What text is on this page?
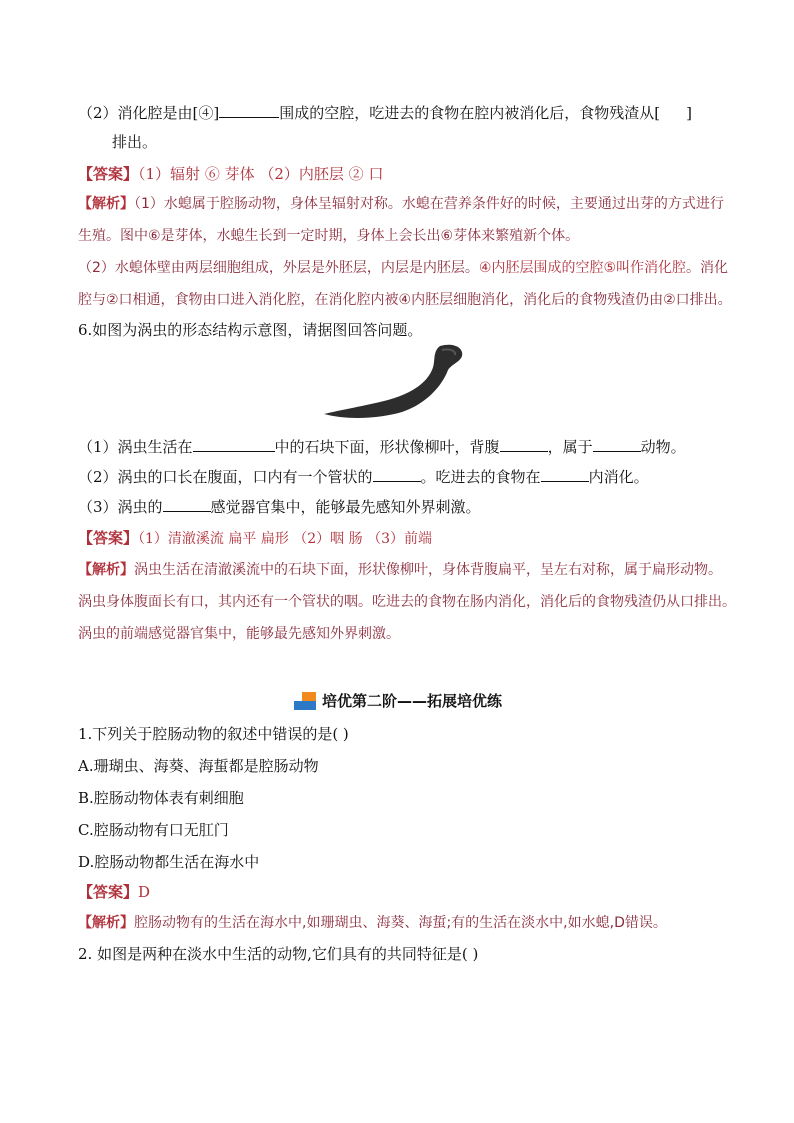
（2）消化腔是由[④]	围成的空腔，吃进去的食物在腔内被消化后，食物残渣从[ ]
排出。
【答案】（1）辐射 ⑥ 芽体 （2）内胚层 ② 口
【解析】（1）水螅属于腔肠动物，身体呈辐射对称。水螅在营养条件好的时候，主要通过出芽的方式进行
生殖。图中⑥是芽体，水螅生长到一定时期，身体上会长出⑥芽体来繁殖新个体。
（2）水螅体壁由两层细胞组成，外层是外胚层，内层是内胚层。④内胚层围成的空腔⑤叫作消化腔。消化
腔与②口相通，食物由口进入消化腔，在消化腔内被④内胚层细胞消化，消化后的食物残渣仍由②口排出。
6.如图为涡虫的形态结构示意图，请据图回答问题。
（1）涡虫生活在	中的石块下面，形状像柳叶，背腹	，属于	动物。
（2）涡虫的口长在腹面，口内有一个管状的	。吃进去的食物在	内消化。
（3）涡虫的	感觉器官集中，能够最先感知外界刺激。
【答案】（1）清澈溪流 扁平 扁形 （2）咽 肠 （3）前端
【解析】涡虫生活在清澈溪流中的石块下面，形状像柳叶，身体背腹扁平，呈左右对称，属于扁形动物。
涡虫身体腹面长有口，其内还有一个管状的咽。吃进去的食物在肠内消化，消化后的食物残渣仍从口排出。
涡虫的前端感觉器官集中，能够最先感知外界刺激。
培优第二阶——拓展培优练
1.下列关于腔肠动物的叙述中错误的是( )
A.珊瑚虫、海葵、海蜇都是腔肠动物
B.腔肠动物体表有刺细胞
C.腔肠动物有口无肛门
D.腔肠动物都生活在海水中
【答案】D
【解析】腔肠动物有的生活在海水中,如珊瑚虫、海葵、海蜇;有的生活在淡水中,如水螅,D错误。
2. 如图是两种在淡水中生活的动物,它们具有的共同特征是( )
